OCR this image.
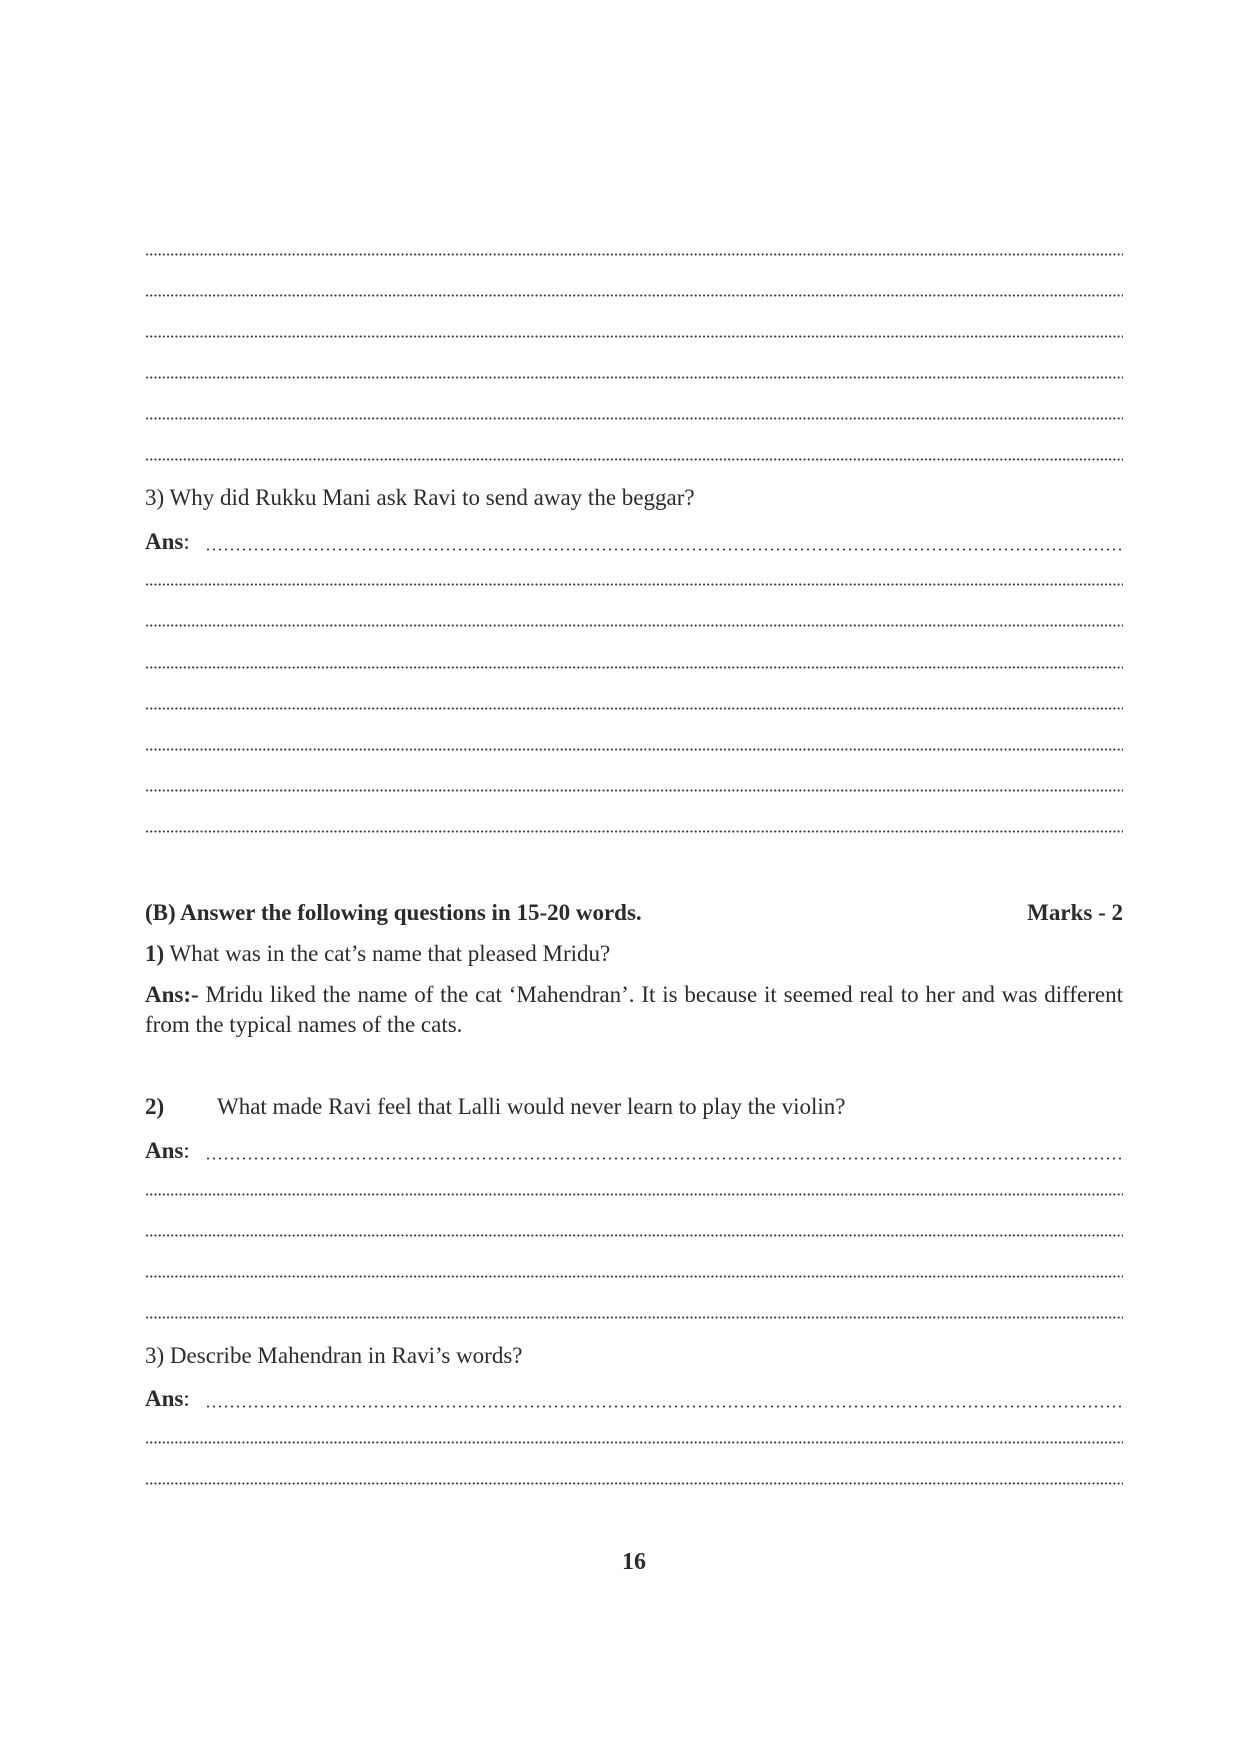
3) Why did Rukku Mani ask Ravi to send away the beggar?
Ans:
(B) Answer the following questions in 15-20 words.	Marks - 2
1) What was in the cat’s name that pleased Mridu?
Ans:- Mridu liked the name of the cat ‘Mahendran’. It is because it seemed real to her and was different from the typical names of the cats.
2) What made Ravi feel that Lalli would never learn to play the violin?
Ans:
3) Describe Mahendran in Ravi’s words?
Ans:
16
